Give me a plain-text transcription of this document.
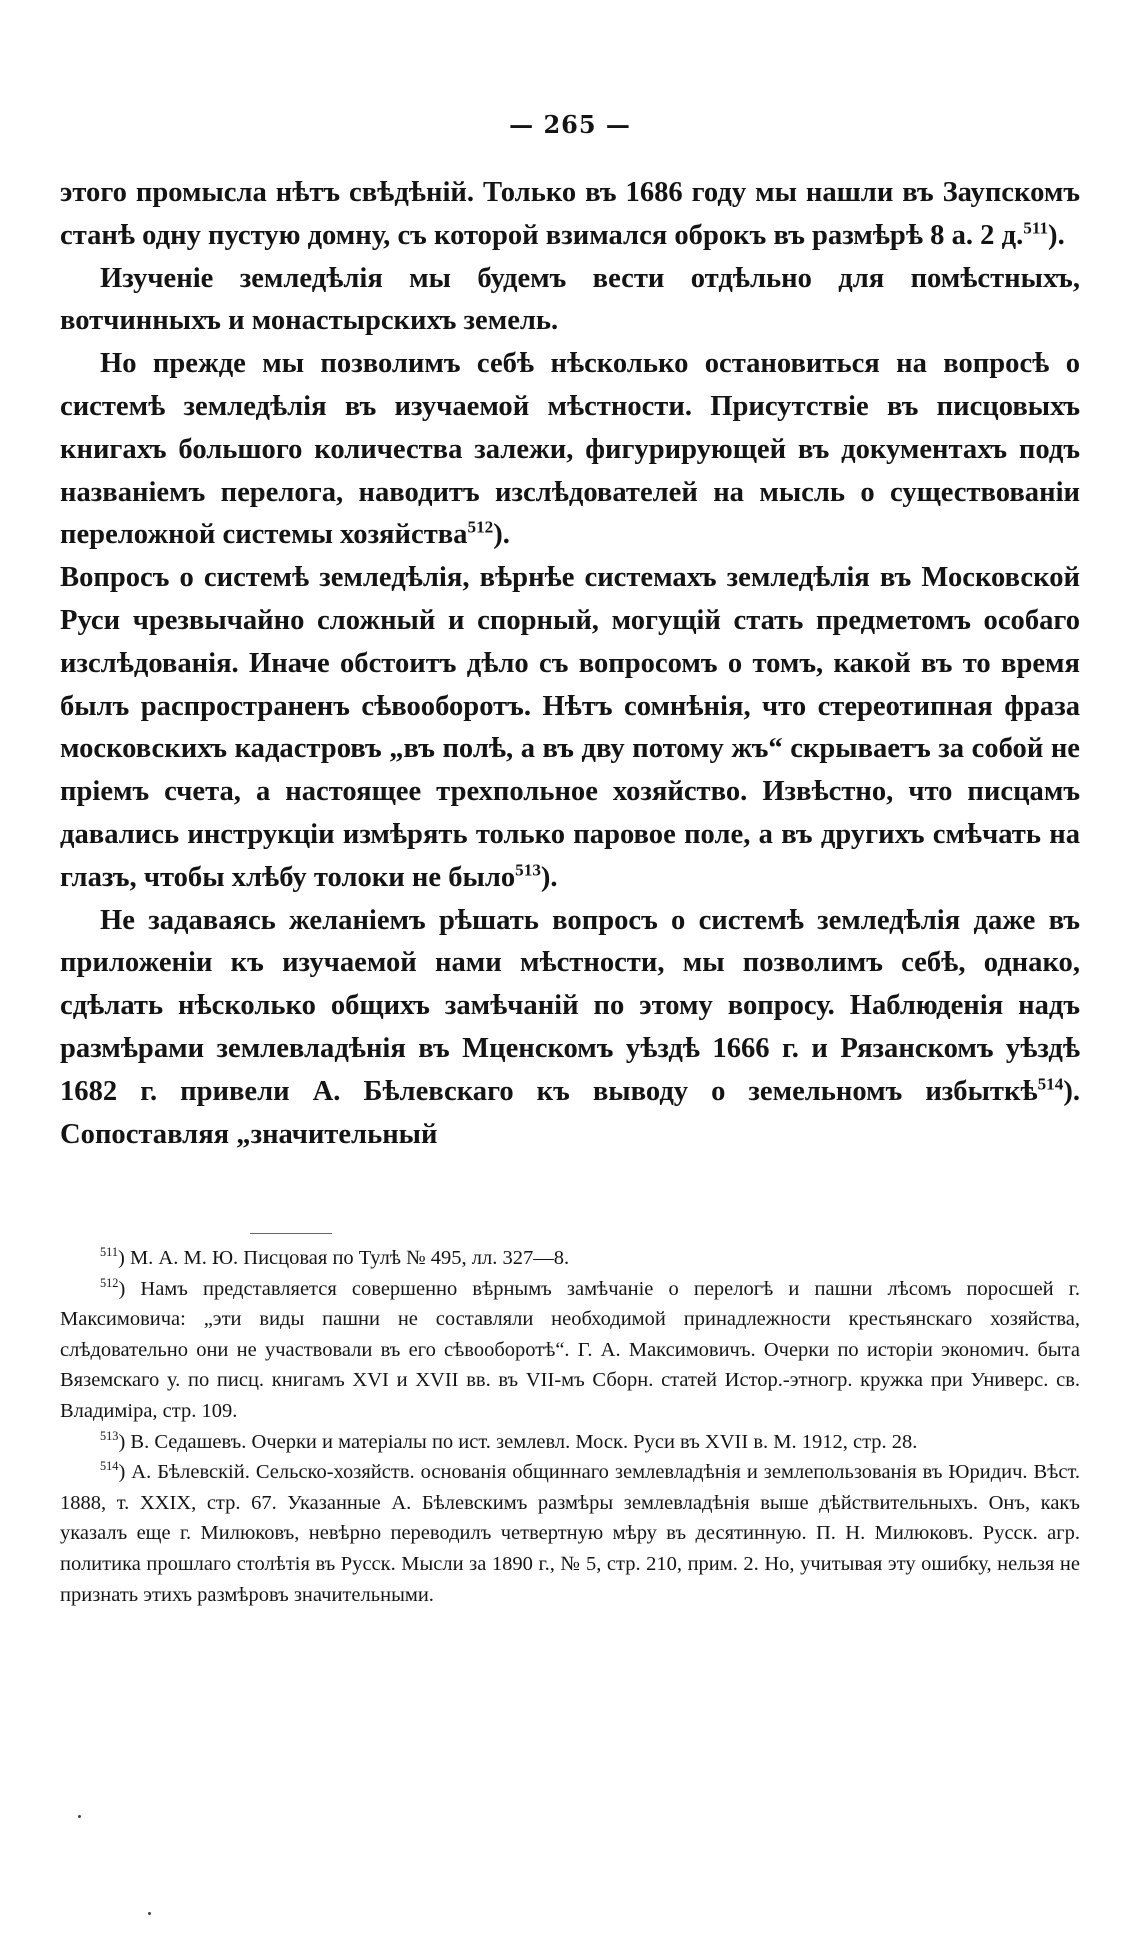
— 265 —

этого промысла нѣтъ свѣдѣній. Только въ 1686 году мы нашли въ Заупскомъ станѣ одну пустую домну, съ которой взимался оброкъ въ размѣрѣ 8 а. 2 д.$^{511}$).

Изученіе земледѣлія мы будемъ вести отдѣльно для помѣстныхъ, вотчинныхъ и монастырскихъ земель.

Но прежде мы позволимъ себѣ нѣсколько остановиться на вопросѣ о системѣ земледѣлія въ изучаемой мѣстности. Присутствіе въ писцовыхъ книгахъ большого количества залежи, фигурирующей въ документахъ подъ названіемъ перелога, наводитъ изслѣдователей на мысль о существованіи переложной системы хозяйства$^{512}$).

Вопросъ о системѣ земледѣлія, вѣрнѣе системахъ земледѣлія въ Московской Руси чрезвычайно сложный и спорный, могущій стать предметомъ особаго изслѣдованія. Иначе обстоитъ дѣло съ вопросомъ о томъ, какой въ то время былъ распространенъ сѣвооборотъ. Нѣтъ сомнѣнія, что стереотипная фраза московскихъ кадастровъ „въ полѣ, а въ дву потому жъ“ скрываетъ за собой не пріемъ счета, а настоящее трехпольное хозяйство. Извѣстно, что писцамъ давались инструкціи измѣрять только паровое поле, а въ другихъ смѣчать на глазъ, чтобы хлѣбу толоки не было$^{513}$).

Не задаваясь желаніемъ рѣшать вопросъ о системѣ земледѣлія даже въ приложеніи къ изучаемой нами мѣстности, мы позволимъ себѣ, однако, сдѣлать нѣсколько общихъ замѣчаній по этому вопросу. Наблюденія надъ размѣрами землевладѣнія въ Мценскомъ уѣздѣ 1666 г. и Рязанскомъ уѣздѣ 1682 г. привели А. Бѣлевскаго къ выводу о земельномъ избыткѣ$^{514}$). Сопоставляя „значительный

$^{511}$) М. А. М. Ю. Писцовая по Тулѣ № 495, лл. 327—8.

$^{512}$) Намъ представляется совершенно вѣрнымъ замѣчаніе о перелогѣ и пашни лѣсомъ поросшей г. Максимовича: „эти виды пашни не составляли необходимой принадлежности крестьянскаго хозяйства, слѣдовательно они не участвовали въ его сѣвооборотѣ“. Г. А. Максимовичъ. Очерки по исторіи экономич. быта Вяземскаго у. по писц. книгамъ XVI и XVII вв. въ VII-мъ Сборн. статей Истор.-этногр. кружка при Универс. св. Владиміра, стр. 109.

$^{513}$) В. Седашевъ. Очерки и матеріалы по ист. землевл. Моск. Руси въ XVII в. М. 1912, стр. 28.

$^{514}$) А. Бѣлевскій. Сельско-хозяйств. основанія общиннаго землевладѣнія и землепользованія въ Юридич. Вѣст. 1888, т. XXIX, стр. 67. Указанные А. Бѣлевскимъ размѣры землевладѣнія выше дѣйствительныхъ. Онъ, какъ указалъ еще г. Милюковъ, невѣрно переводилъ четвертную мѣру въ десятинную. П. Н. Милюковъ. Русск. агр. политика прошлаго столѣтія въ Русск. Мысли за 1890 г., № 5, стр. 210, прим. 2. Но, учитывая эту ошибку, нельзя не признать этихъ размѣровъ значительными.
